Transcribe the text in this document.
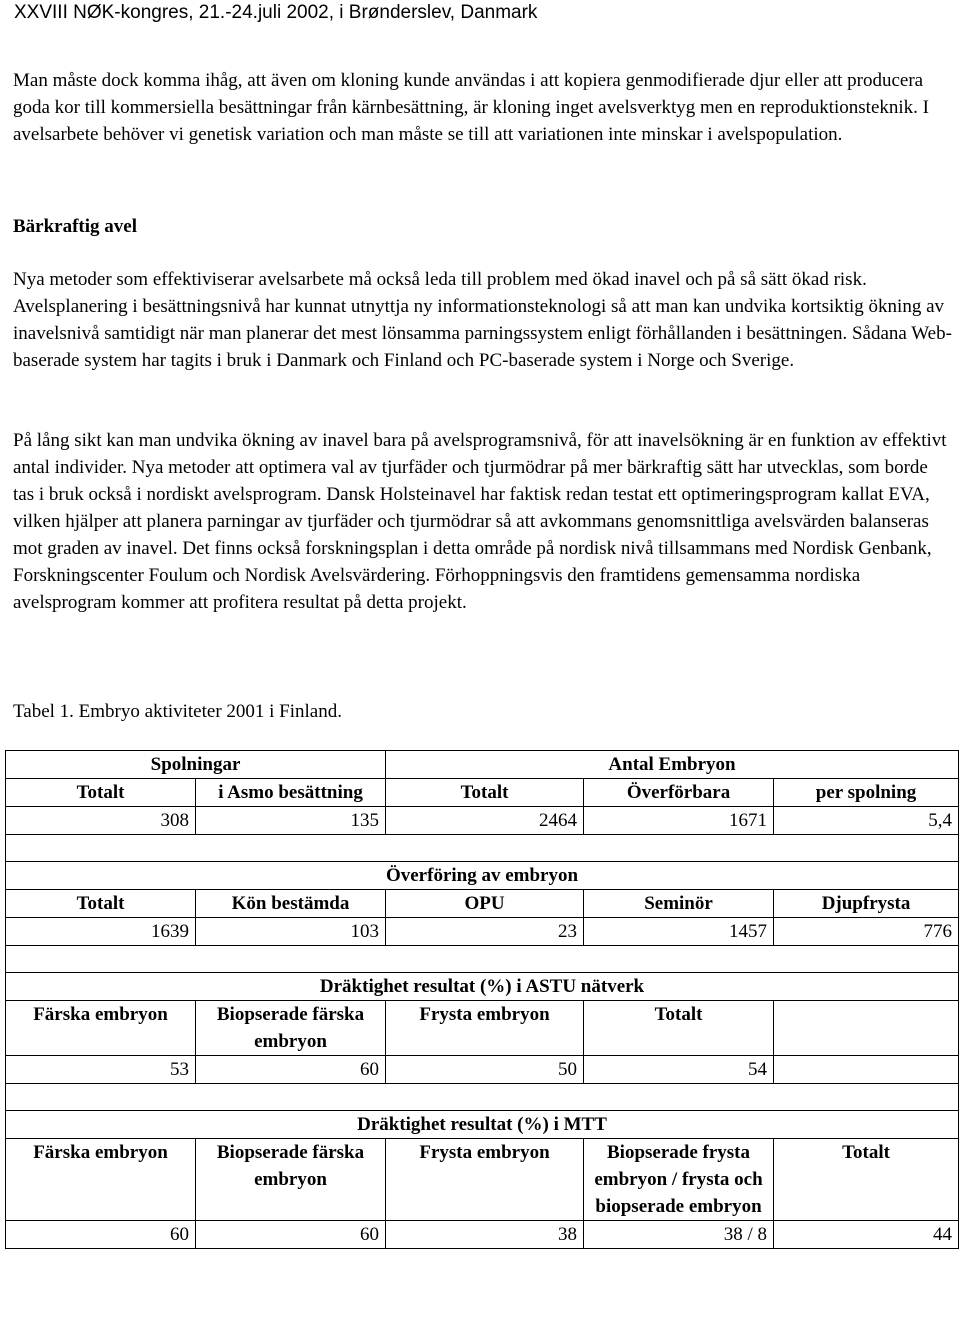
XXVIII NØK-kongres, 21.-24.juli 2002, i Brønderslev, Danmark

Man måste dock komma ihåg, att även om kloning kunde användas i att kopiera genmodifierade djur eller att producera goda kor till kommersiella besättningar från kärnbesättning, är kloning inget avelsverktyg men en reproduktionsteknik. I avelsarbete behöver vi genetisk variation och man måste se till att variationen inte minskar i avelspopulation.

Bärkraftig avel

Nya metoder som effektiviserar avelsarbete må också leda till problem med ökad inavel och på så sätt ökad risk. Avelsplanering i besättningsnivå har kunnat utnyttja ny informationsteknologi så att man kan undvika kortsiktig ökning av inavelsnivå samtidigt när man planerar det mest lönsamma parningssystem enligt förhållanden i besättningen. Sådana Web-baserade system har tagits i bruk i Danmark och Finland och PC-baserade system i Norge och Sverige.

På lång sikt kan man undvika ökning av inavel bara på avelsprogramsnivå, för att inavelsökning är en funktion av effektivt antal individer. Nya metoder att optimera val av tjurfäder och tjurmödrar på mer bärkraftig sätt har utvecklas, som borde tas i bruk också i nordiskt avelsprogram. Dansk Holsteinavel har faktisk redan testat ett optimeringsprogram kallat EVA, vilken hjälper att planera parningar av tjurfäder och tjurmödrar så att avkommans genomsnittliga avelsvärden balanseras mot graden av inavel. Det finns också forskningsplan i detta område på nordisk nivå tillsammans med Nordisk Genbank, Forskningscenter Foulum och Nordisk Avelsvärdering. Förhoppningsvis den framtidens gemensamma nordiska avelsprogram kommer att profitera resultat på detta projekt.

Tabel 1. Embryo aktiviteter 2001 i Finland.

Spolningar		Antal Embryon		
Totalt	i Asmo besättning	Totalt	Överförbara	per spolning
308	135	2464	1671	5,4

Överföring av embryon				
Totalt	Kön bestämda	OPU	Seminör	Djupfrysta
1639	103	23	1457	776

Dräktighet resultat (%) i ASTU nätverk				
Färska embryon	Biopserade färska embryon	Frysta embryon	Totalt	
53	60	50	54	

Dräktighet resultat (%) i MTT				
Färska embryon	Biopserade färska embryon	Frysta embryon	Biopserade frysta embryon / frysta och biopserade embryon	Totalt
60	60	38	38 / 8	44
